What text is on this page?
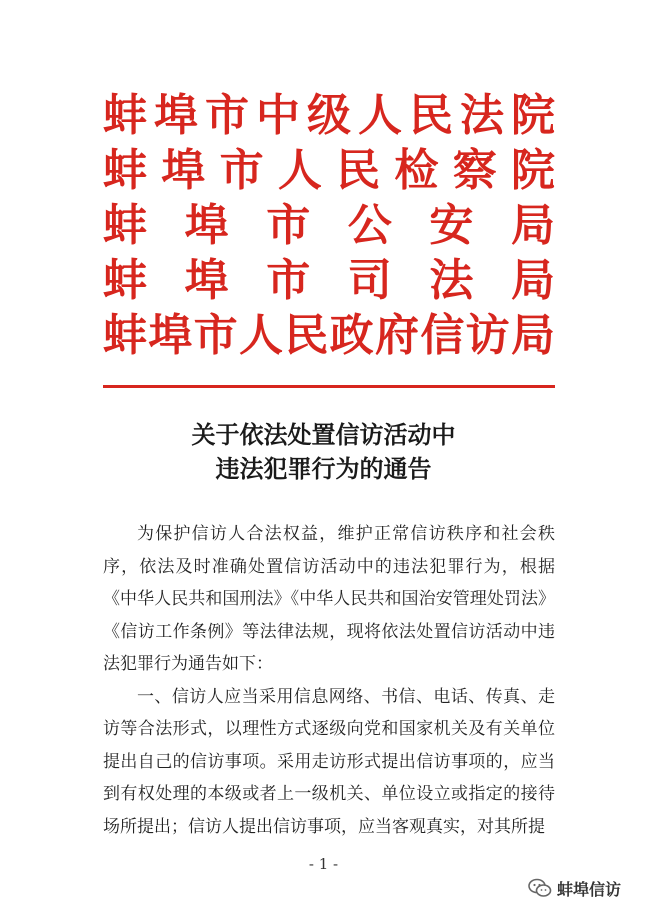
蚌埠市中级人民法院
蚌埠市人民检察院
蚌埠市公安局
蚌埠市司法局
蚌埠市人民政府信访局
关于依法处置信访活动中
违法犯罪行为的通告

为保护信访人合法权益，维护正常信访秩序和社会秩序，依法及时准确处置信访活动中的违法犯罪行为，根据《中华人民共和国刑法》《中华人民共和国治安管理处罚法》《信访工作条例》等法律法规，现将依法处置信访活动中违法犯罪行为通告如下：

一、信访人应当采用信息网络、书信、电话、传真、走访等合法形式，以理性方式逐级向党和国家机关及有关单位提出自己的信访事项。采用走访形式提出信访事项的，应当到有权处理的本级或者上一级机关、单位设立或指定的接待场所提出；信访人提出信访事项，应当客观真实，对其所提

- 1 -
蚌埠信访
